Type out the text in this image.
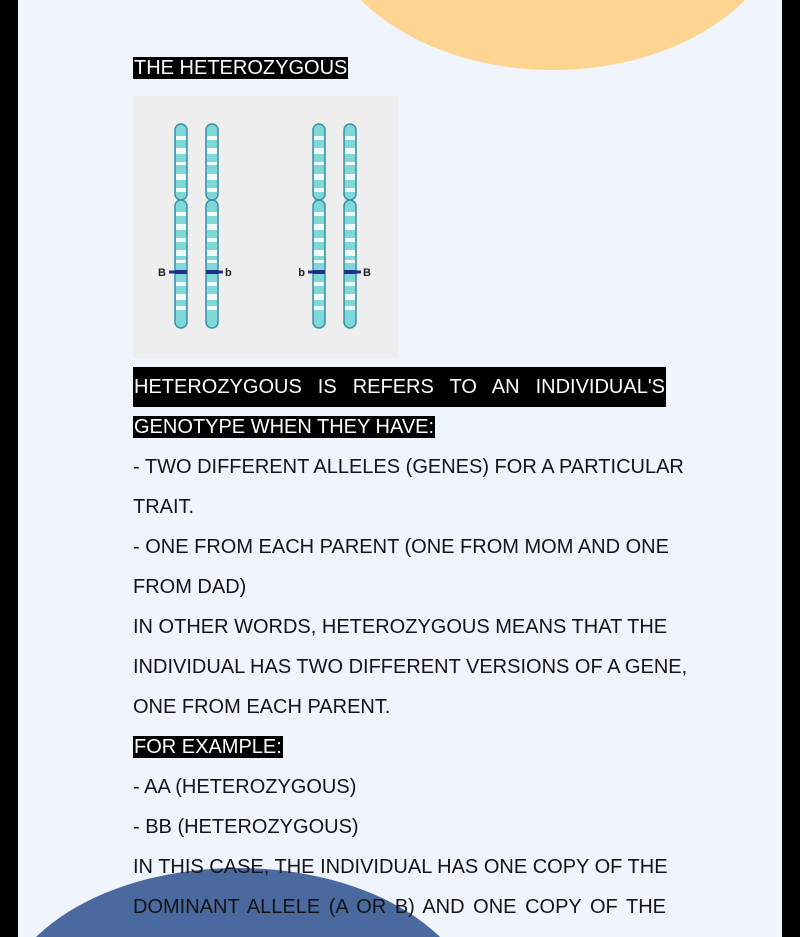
THE HETEROZYGOUS
B	b	b	B
HETEROZYGOUS IS REFERS TO AN INDIVIDUAL'S
GENOTYPE WHEN THEY HAVE:
- TWO DIFFERENT ALLELES (GENES) FOR A PARTICULAR
TRAIT.
- ONE FROM EACH PARENT (ONE FROM MOM AND ONE
FROM DAD)
IN OTHER WORDS, HETEROZYGOUS MEANS THAT THE
INDIVIDUAL HAS TWO DIFFERENT VERSIONS OF A GENE,
ONE FROM EACH PARENT.
FOR EXAMPLE:
- AA (HETEROZYGOUS)
- BB (HETEROZYGOUS)
IN THIS CASE, THE INDIVIDUAL HAS ONE COPY OF THE
DOMINANT ALLELE (A OR B) AND ONE COPY OF THE
